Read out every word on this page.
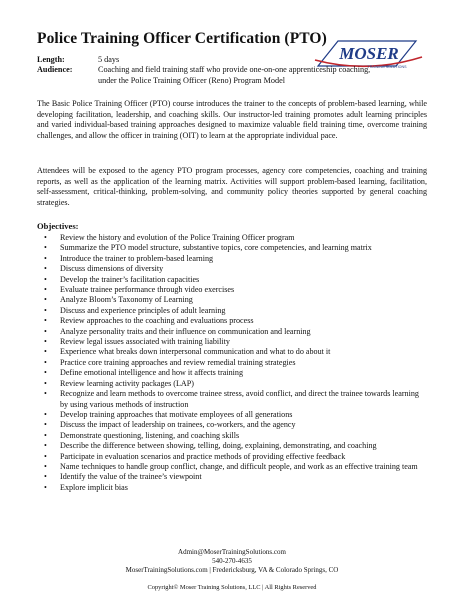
Police Training Officer Certification (PTO)
MOSER
TRAINING SOLUTIONS
Length:	5 days
Audience:	Coaching and field training staff who provide one-on-one apprenticeship coaching, under the Police Training Officer (Reno) Program Model
The Basic Police Training Officer (PTO) course introduces the trainer to the concepts of problem-based learning, while developing facilitation, leadership, and coaching skills. Our instructor-led training promotes adult learning principles and varied individual-based training approaches designed to maximize valuable field training time, overcome training challenges, and allow the officer in training (OIT) to learn at the appropriate individual pace.
Attendees will be exposed to the agency PTO program processes, agency core competencies, coaching and training reports, as well as the application of the learning matrix. Activities will support problem-based learning, facilitation, self-assessment, critical-thinking, problem-solving, and community policy theories supported by general coaching strategies.
Objectives:
• Review the history and evolution of the Police Training Officer program
• Summarize the PTO model structure, substantive topics, core competencies, and learning matrix
• Introduce the trainer to problem-based learning
• Discuss dimensions of diversity
• Develop the trainer’s facilitation capacities
• Evaluate trainee performance through video exercises
• Analyze Bloom’s Taxonomy of Learning
• Discuss and experience principles of adult learning
• Review approaches to the coaching and evaluations process
• Analyze personality traits and their influence on communication and learning
• Review legal issues associated with training liability
• Experience what breaks down interpersonal communication and what to do about it
• Practice core training approaches and review remedial training strategies
• Define emotional intelligence and how it affects training
• Review learning activity packages (LAP)
• Recognize and learn methods to overcome trainee stress, avoid conflict, and direct the trainee towards learning by using various methods of instruction
• Develop training approaches that motivate employees of all generations
• Discuss the impact of leadership on trainees, co-workers, and the agency
• Demonstrate questioning, listening, and coaching skills
• Describe the difference between showing, telling, doing, explaining, demonstrating, and coaching
• Participate in evaluation scenarios and practice methods of providing effective feedback
• Name techniques to handle group conflict, change, and difficult people, and work as an effective training team
• Identify the value of the trainee’s viewpoint
• Explore implicit bias
Admin@MoserTrainingSolutions.com
540-270-4635
MoserTrainingSolutions.com | Fredericksburg, VA & Colorado Springs, CO
Copyright© Moser Training Solutions, LLC | All Rights Reserved
